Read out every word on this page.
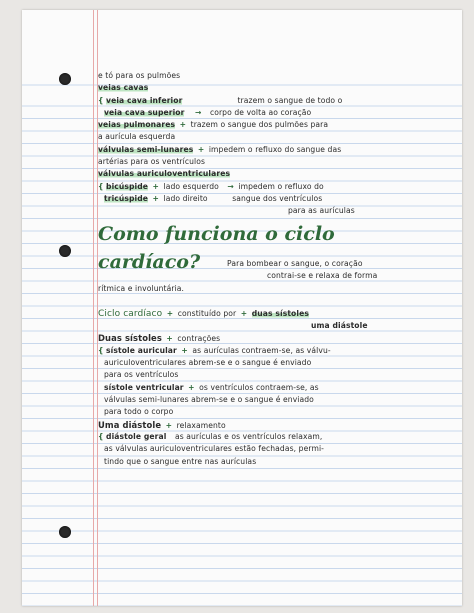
e tó para os pulmões
veias cavas
{ veia cava inferior	trazem o sangue de todo o
veia cava superior → corpo de volta ao coração
veias pulmonares + trazem o sangue dos pulmões para
a aurícula esquerda
válvulas semi-lunares + impedem o refluxo do sangue das
artérias para os ventrículos
válvulas auriculoventriculares
{ bicúspide + lado esquerdo → impedem o refluxo do
tricúspide + lado direito	sangue dos ventrículos
para as aurículas
Como funciona o ciclo
cardíaco?	Para bombear o sangue, o coração
contrai-se e relaxa de forma
rítmica e involuntária.
Ciclo cardíaco + constituído por + duas sístoles
uma diástole
Duas sístoles + contrações
{ sístole auricular + as aurículas contraem-se, as válvu-
auriculoventriculares abrem-se e o sangue é enviado
para os ventrículos
sístole ventricular + os ventrículos contraem-se, as
válvulas semi-lunares abrem-se e o sangue é enviado
para todo o corpo
Uma diástole + relaxamento
{ diástole geral as aurículas e os ventrículos relaxam,
as válvulas auriculoventriculares estão fechadas, permi-
tindo que o sangue entre nas aurículas
